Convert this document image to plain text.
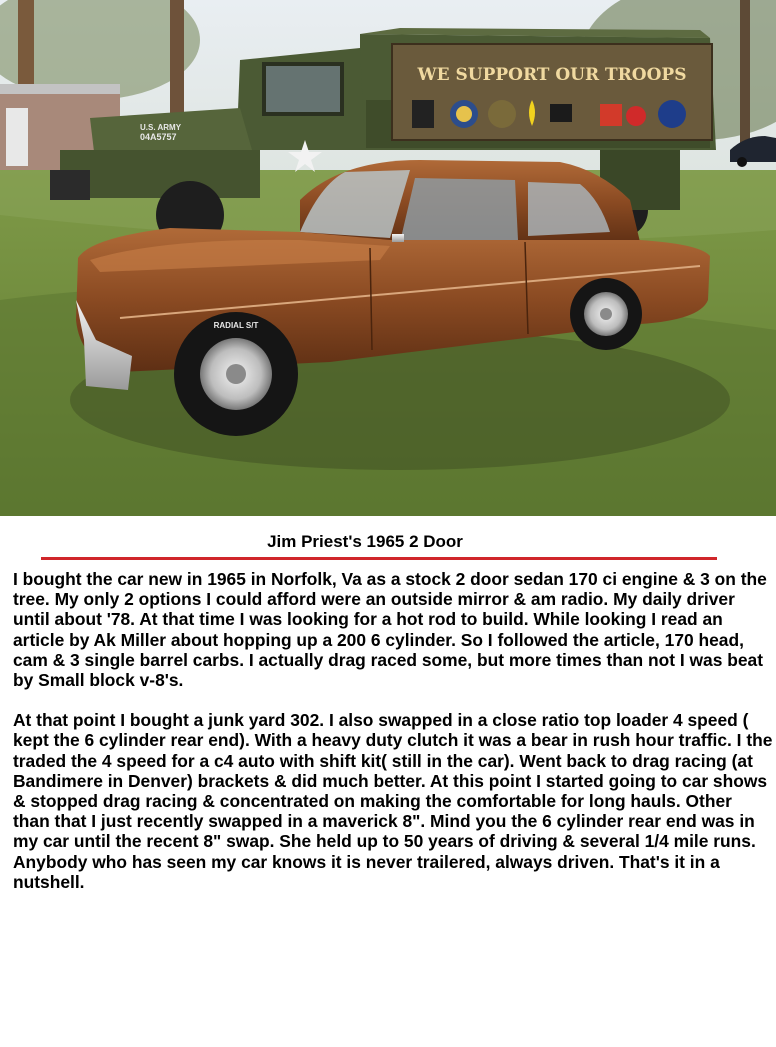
WE SUPPORT OUR TROOPS
U.S. ARMY
04A5757
RADIAL S/T
Jim Priest's 1965 2 Door

I bought the car new in 1965 in Norfolk, Va as a stock 2 door sedan 170 ci engine & 3 on the tree. My only 2 options I could afford were an outside mirror & am radio. My daily driver until about '78. At that time I was looking for a hot rod to build. While looking I read an article by Ak Miller about hopping up a 200 6 cylinder. So I followed the article, 170 head, cam & 3 single barrel carbs. I actually drag raced some, but more times than not I was beat by Small block v-8's.

At that point I bought a junk yard 302. I also swapped in a close ratio top loader 4 speed ( kept the 6 cylinder rear end). With a heavy duty clutch it was a bear in rush hour traffic. I the traded the 4 speed for a c4 auto with shift kit( still in the car). Went back to drag racing (at Bandimere in Denver) brackets & did much better. At this point I started going to car shows & stopped drag racing & concentrated on making the comfortable for long hauls. Other than that I just recently swapped in a maverick 8". Mind you the 6 cylinder rear end was in my car until the recent 8" swap. She held up to 50 years of driving & several 1/4 mile runs. Anybody who has seen my car knows it is never trailered, always driven. That's it in a nutshell.
